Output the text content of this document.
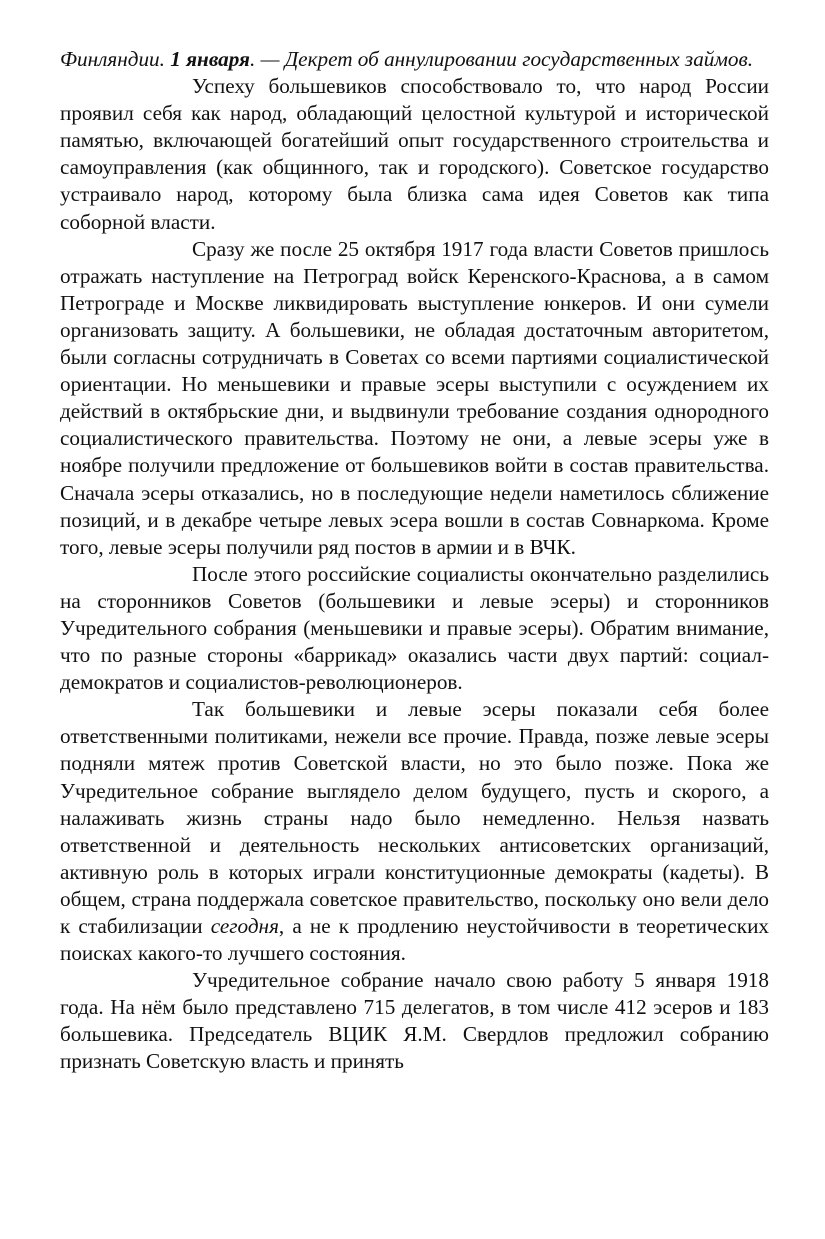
Финляндии. 1 января. — Декрет об аннулировании государственных займов.

Успеху большевиков способствовало то, что народ России проявил себя как народ, обладающий целостной культурой и исторической памятью, включающей богатейший опыт государственного строительства и самоуправления (как общинного, так и городского). Советское государство устраивало народ, которому была близка сама идея Советов как типа соборной власти.

Сразу же после 25 октября 1917 года власти Советов пришлось отражать наступление на Петроград войск Керенского-Краснова, а в самом Петрограде и Москве ликвидировать выступление юнкеров. И они сумели организовать защиту. А большевики, не обладая достаточным авторитетом, были согласны сотрудничать в Советах со всеми партиями социалистической ориентации. Но меньшевики и правые эсеры выступили с осуждением их действий в октябрьские дни, и выдвинули требование создания однородного социалистического правительства. Поэтому не они, а левые эсеры уже в ноябре получили предложение от большевиков войти в состав правительства. Сначала эсеры отказались, но в последующие недели наметилось сближение позиций, и в декабре четыре левых эсера вошли в состав Совнаркома. Кроме того, левые эсеры получили ряд постов в армии и в ВЧК.

После этого российские социалисты окончательно разделились на сторонников Советов (большевики и левые эсеры) и сторонников Учредительного собрания (меньшевики и правые эсеры). Обратим внимание, что по разные стороны «баррикад» оказались части двух партий: социал-демократов и социалистов-революционеров.

Так большевики и левые эсеры показали себя более ответственными политиками, нежели все прочие. Правда, позже левые эсеры подняли мятеж против Советской власти, но это было позже. Пока же Учредительное собрание выглядело делом будущего, пусть и скорого, а налаживать жизнь страны надо было немедленно. Нельзя назвать ответственной и деятельность нескольких антисоветских организаций, активную роль в которых играли конституционные демократы (кадеты). В общем, страна поддержала советское правительство, поскольку оно вели дело к стабилизации сегодня, а не к продлению неустойчивости в теоретических поисках какого-то лучшего состояния.

Учредительное собрание начало свою работу 5 января 1918 года. На нём было представлено 715 делегатов, в том числе 412 эсеров и 183 большевика. Председатель ВЦИК Я.М. Свердлов предложил собранию признать Советскую власть и принять
